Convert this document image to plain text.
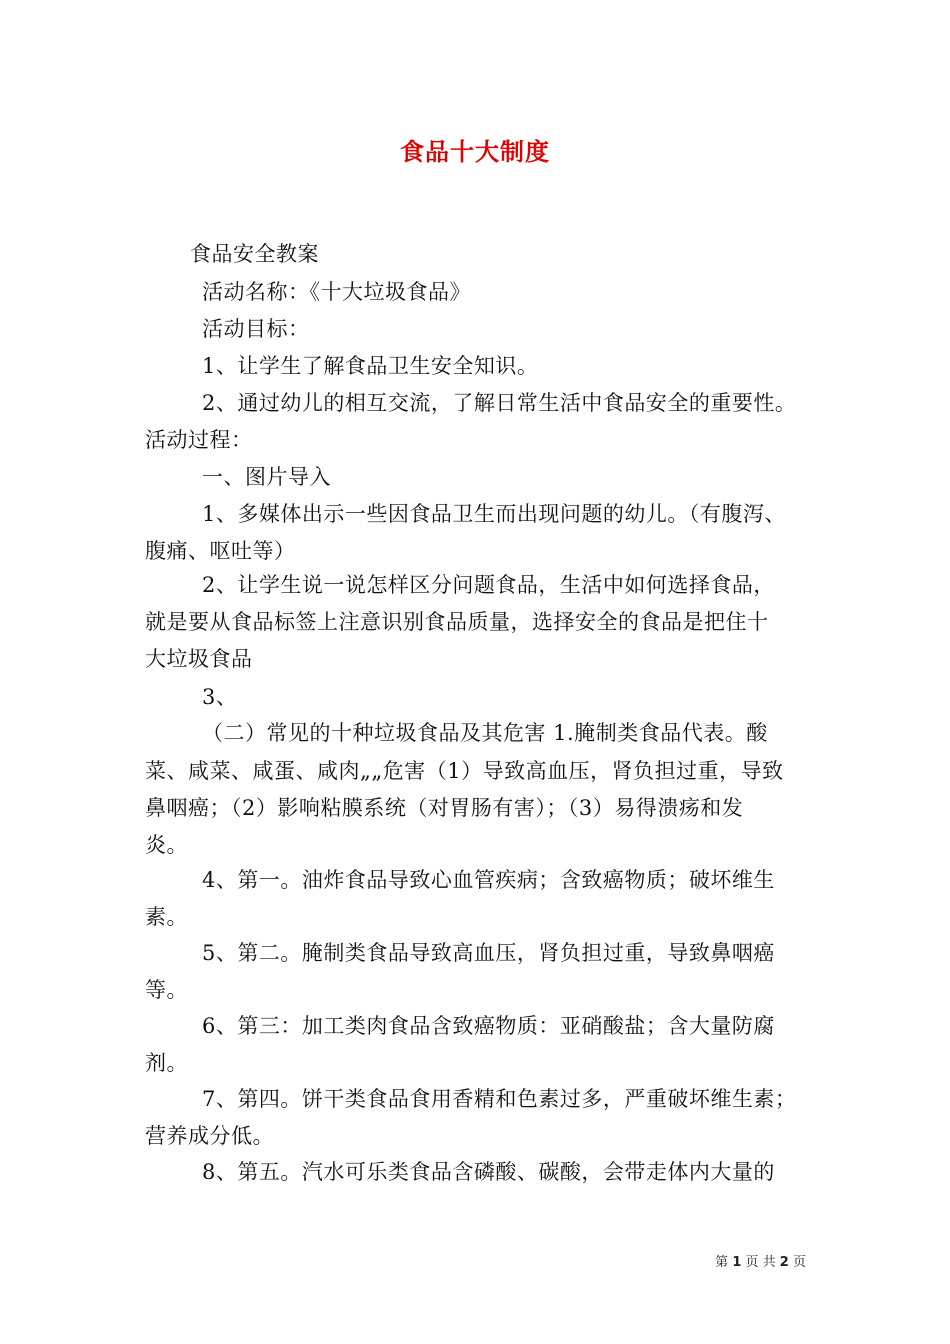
食品十大制度
食品安全教案
活动名称：《十大垃圾食品》
活动目标：
1、让学生了解食品卫生安全知识。
2、通过幼儿的相互交流，了解日常生活中食品安全的重要性。
活动过程：
一、图片导入
1、多媒体出示一些因食品卫生而出现问题的幼儿。（有腹泻、
腹痛、呕吐等）
2、让学生说一说怎样区分问题食品，生活中如何选择食品，
就是要从食品标签上注意识别食品质量，选择安全的食品是把住十
大垃圾食品
3、
（二）常见的十种垃圾食品及其危害 1.腌制类食品代表。酸
菜、咸菜、咸蛋、咸肉„„危害（1）导致高血压，肾负担过重，导致
鼻咽癌；（2）影响粘膜系统（对胃肠有害）；（3）易得溃疡和发
炎。
4、第一。油炸食品导致心血管疾病；含致癌物质；破坏维生
素。
5、第二。腌制类食品导致高血压，肾负担过重，导致鼻咽癌
等。
6、第三：加工类肉食品含致癌物质：亚硝酸盐；含大量防腐
剂。
7、第四。饼干类食品食用香精和色素过多，严重破坏维生素；
营养成分低。
8、第五。汽水可乐类食品含磷酸、碳酸，会带走体内大量的
第 1 页 共 2 页
